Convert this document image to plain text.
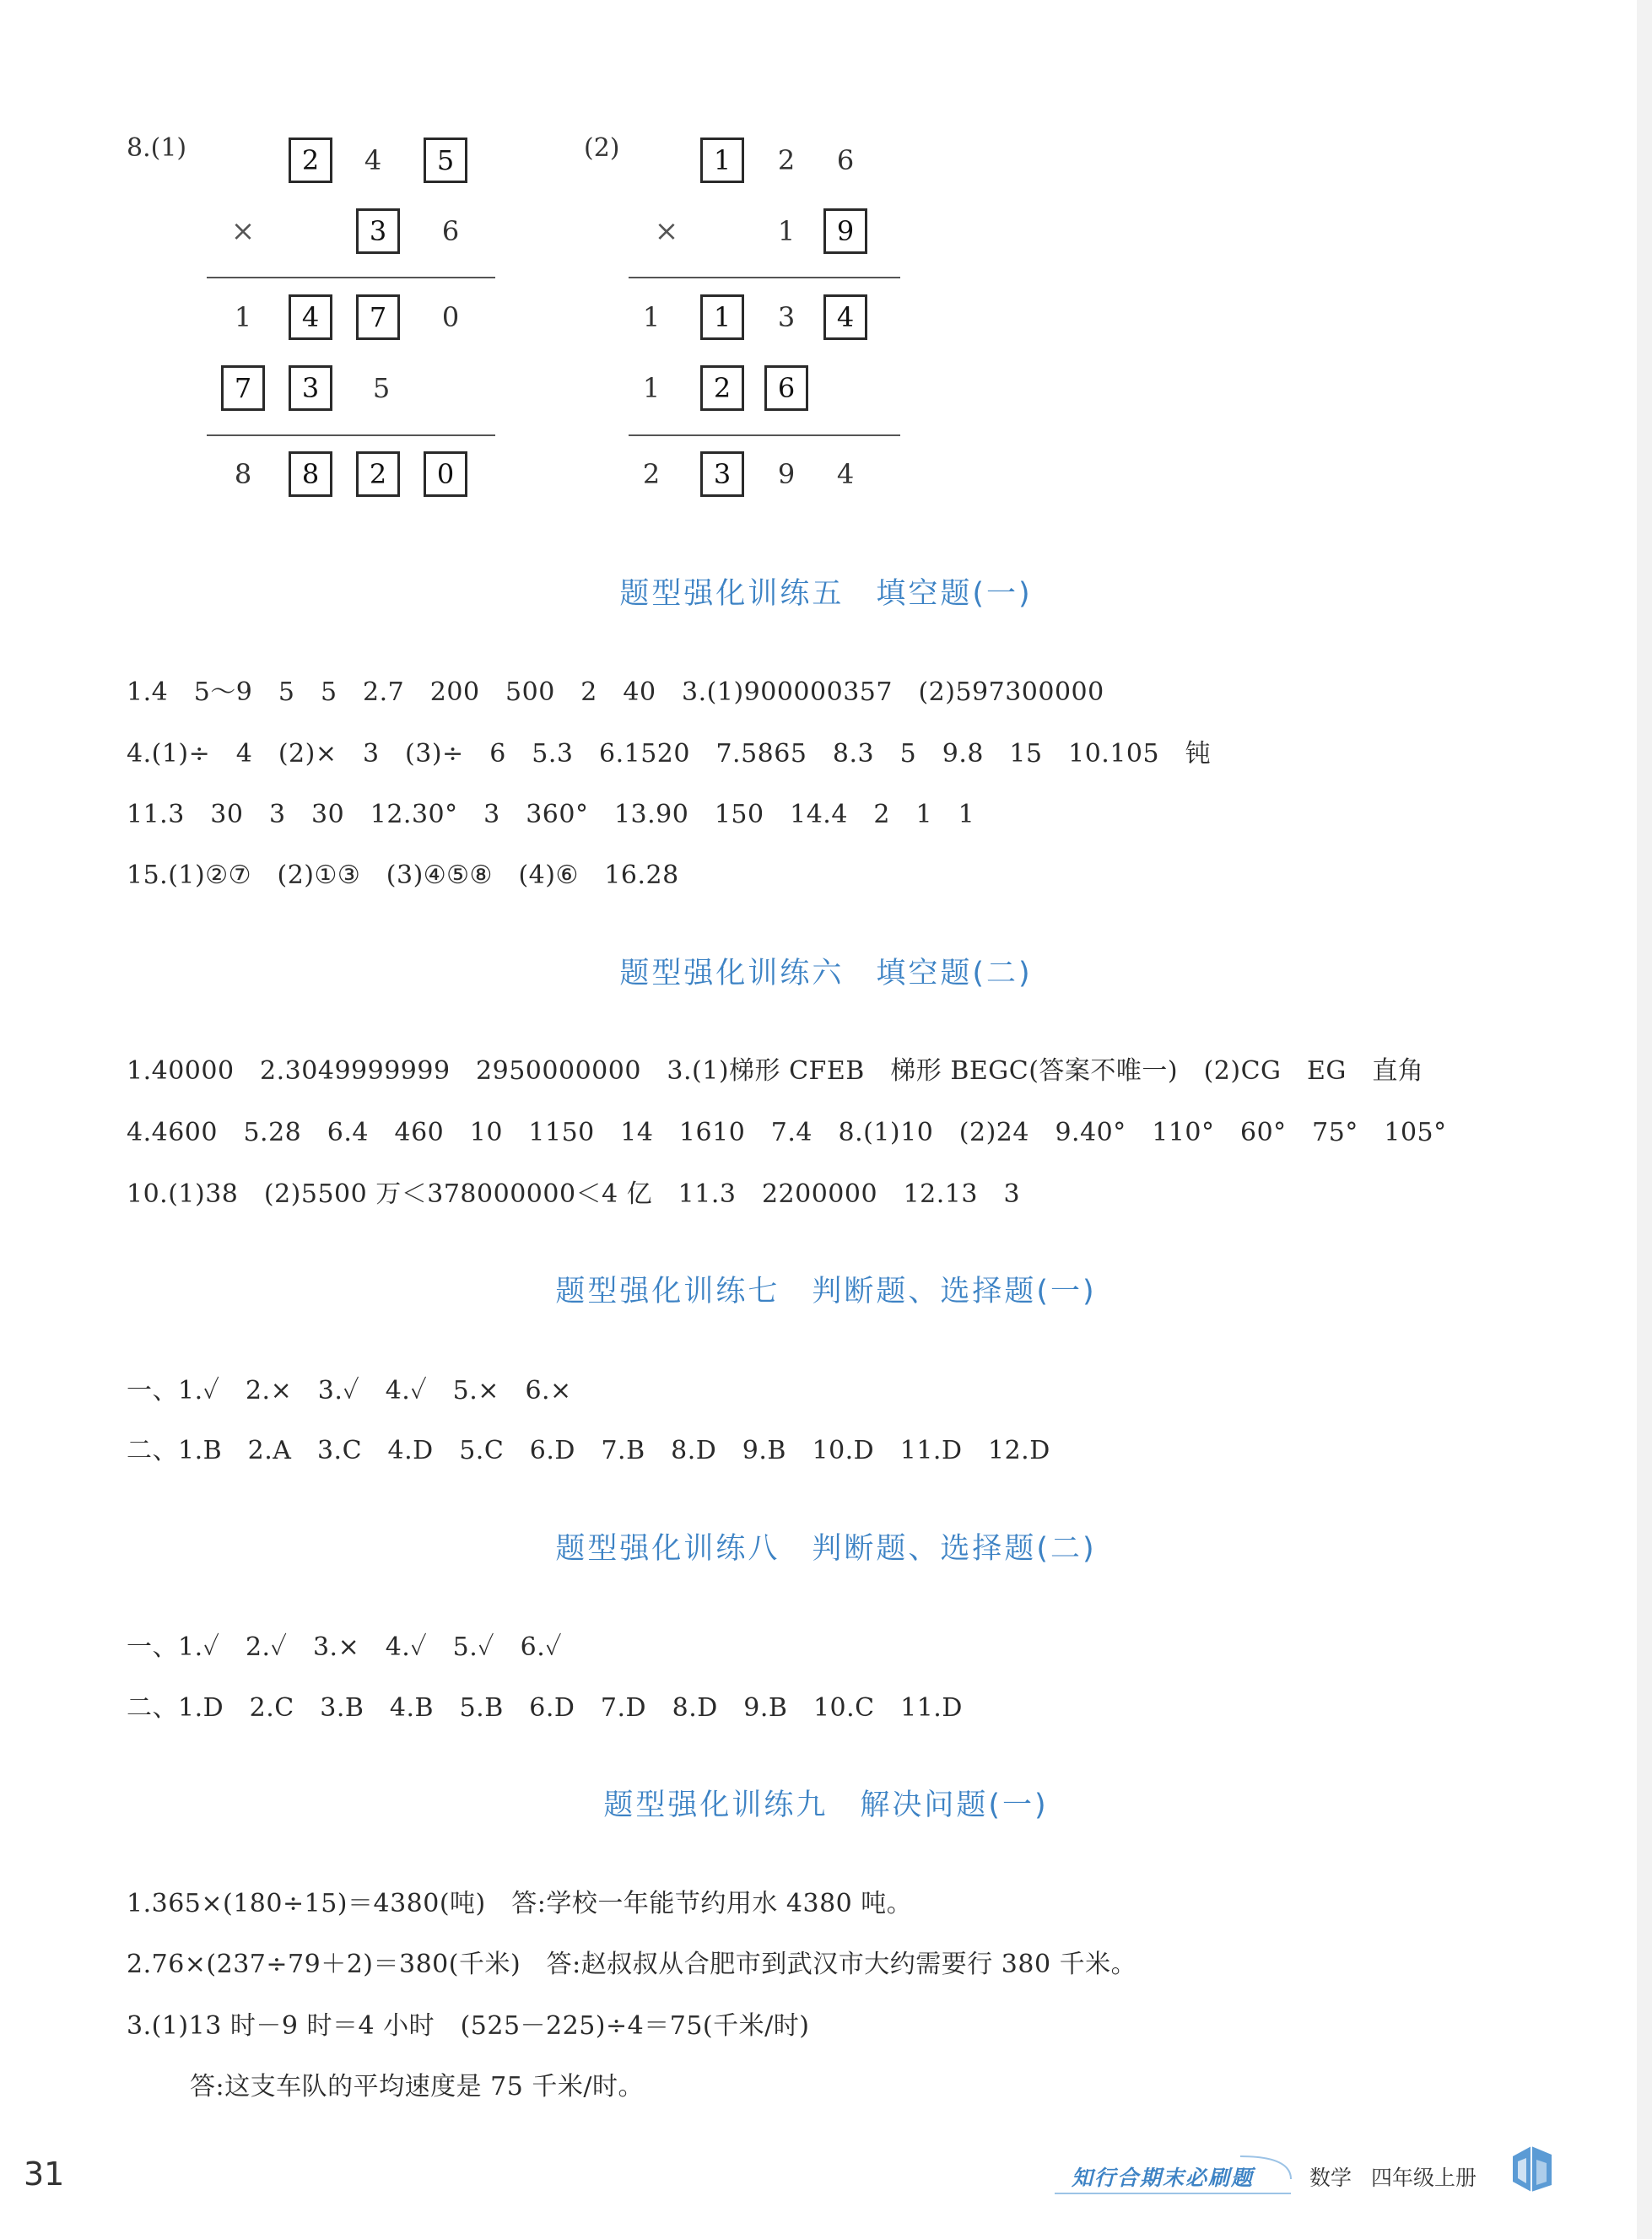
8.(1)	2	4	5
×	3	6
1	4	7	0
7	3	5
8	8	2	0
(2)	1	2	6
×	1	9
1	1	3	4
1	2	6
2	3	9	4
题型强化训练五　填空题(一)
1.4　5～9　5　5　2.7　200　500　2　40　3.(1)900000357　(2)597300000
4.(1)÷　4　(2)×　3　(3)÷　6　5.3　6.1520　7.5865　8.3　5　9.8　15　10.105　钝
11.3　30　3　30　12.30°　3　360°　13.90　150　14.4　2　1　1
15.(1)②⑦　(2)①③　(3)④⑤⑧　(4)⑥　16.28
题型强化训练六　填空题(二)
1.40000　2.3049999999　2950000000　3.(1)梯形 CFEB　梯形 BEGC(答案不唯一)　(2)CG　EG　直角
4.4600　5.28　6.4　460　10　1150　14　1610　7.4　8.(1)10　(2)24　9.40°　110°　60°　75°　105°
10.(1)38　(2)5500 万＜378000000＜4 亿　11.3　2200000　12.13　3
题型强化训练七　判断题、选择题(一)
一、1.✓　2.×　3.✓　4.✓　5.×　6.×
二、1.B　2.A　3.C　4.D　5.C　6.D　7.B　8.D　9.B　10.D　11.D　12.D
题型强化训练八　判断题、选择题(二)
一、1.✓　2.✓　3.×　4.✓　5.✓　6.✓
二、1.D　2.C　3.B　4.B　5.B　6.D　7.D　8.D　9.B　10.C　11.D
题型强化训练九　解决问题(一)
1.365×(180÷15)＝4380(吨)　答:学校一年能节约用水 4380 吨。
2.76×(237÷79＋2)＝380(千米)　答:赵叔叔从合肥市到武汉市大约需要行 380 千米。
3.(1)13 时－9 时＝4 小时　(525－225)÷4＝75(千米/时)
答:这支车队的平均速度是 75 千米/时。
31	知行合期末必刷题	数学 四年级上册
